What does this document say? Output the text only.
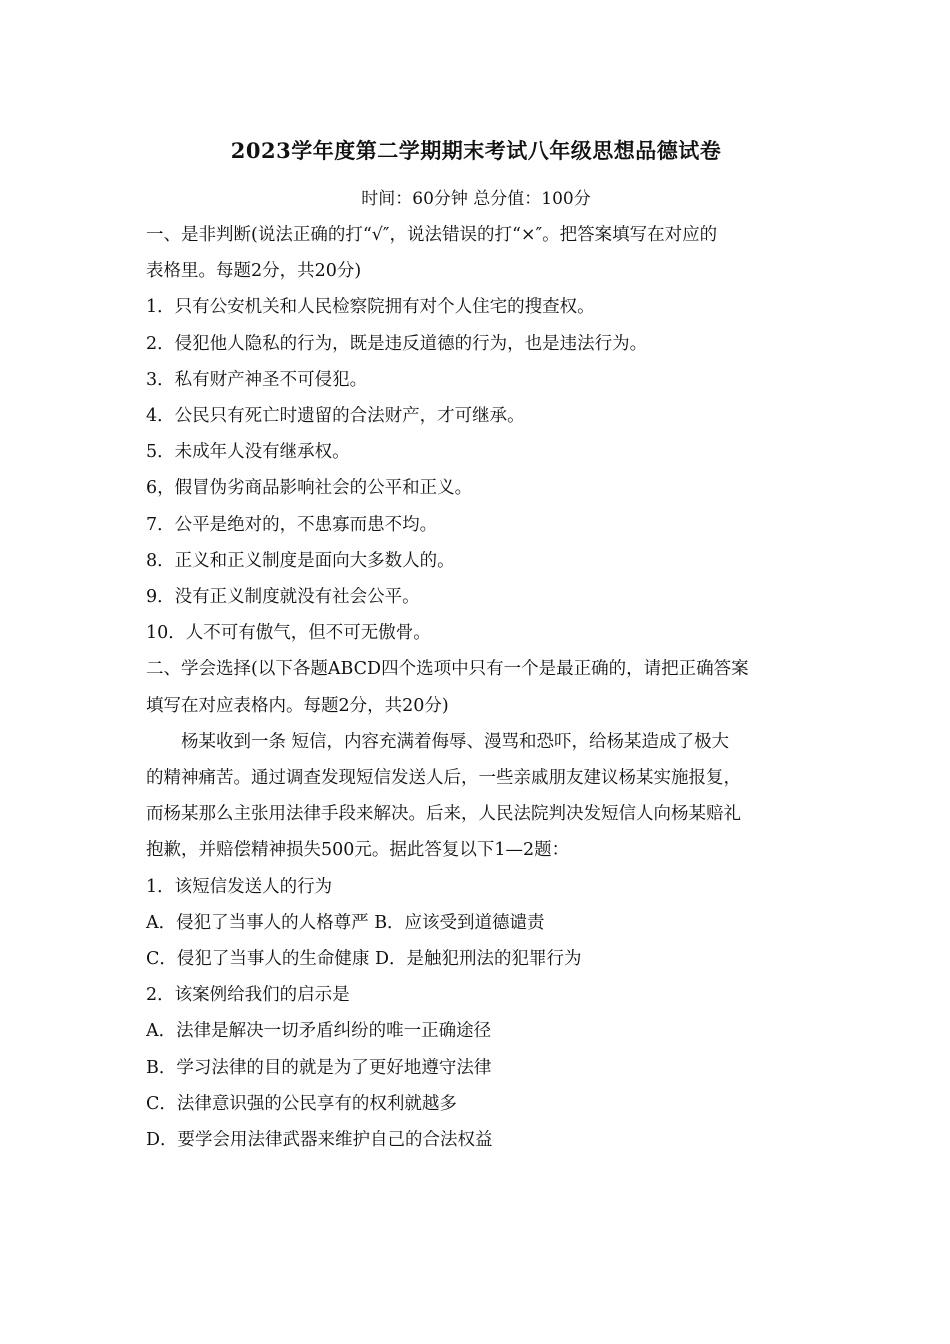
2023学年度第二学期期末考试八年级思想品德试卷

时间：60分钟 总分值：100分

一、是非判断(说法正确的打“√″，说法错误的打“×″。把答案填写在对应的

表格里。每题2分，共20分)

1．只有公安机关和人民检察院拥有对个人住宅的搜查权。

2．侵犯他人隐私的行为，既是违反道德的行为，也是违法行为。

3．私有财产神圣不可侵犯。

4．公民只有死亡时遗留的合法财产，才可继承。

5．未成年人没有继承权。

6，假冒伪劣商品影响社会的公平和正义。

7．公平是绝对的，不患寡而患不均。

8．正义和正义制度是面向大多数人的。

9．没有正义制度就没有社会公平。

10．人不可有傲气，但不可无傲骨。

二、学会选择(以下各题ABCD四个选项中只有一个是最正确的，请把正确答案

填写在对应表格内。每题2分，共20分)

杨某收到一条 短信，内容充满着侮辱、漫骂和恐吓，给杨某造成了极大

的精神痛苦。通过调查发现短信发送人后，一些亲戚朋友建议杨某实施报复，

而杨某那么主张用法律手段来解决。后来，人民法院判决发短信人向杨某赔礼

抱歉，并赔偿精神损失500元。据此答复以下1—2题：

1．该短信发送人的行为

A．侵犯了当事人的人格尊严 B．应该受到道德谴责

C．侵犯了当事人的生命健康 D．是触犯刑法的犯罪行为

2．该案例给我们的启示是

A．法律是解决一切矛盾纠纷的唯一正确途径

B．学习法律的目的就是为了更好地遵守法律

C．法律意识强的公民享有的权利就越多

D．要学会用法律武器来维护自己的合法权益
